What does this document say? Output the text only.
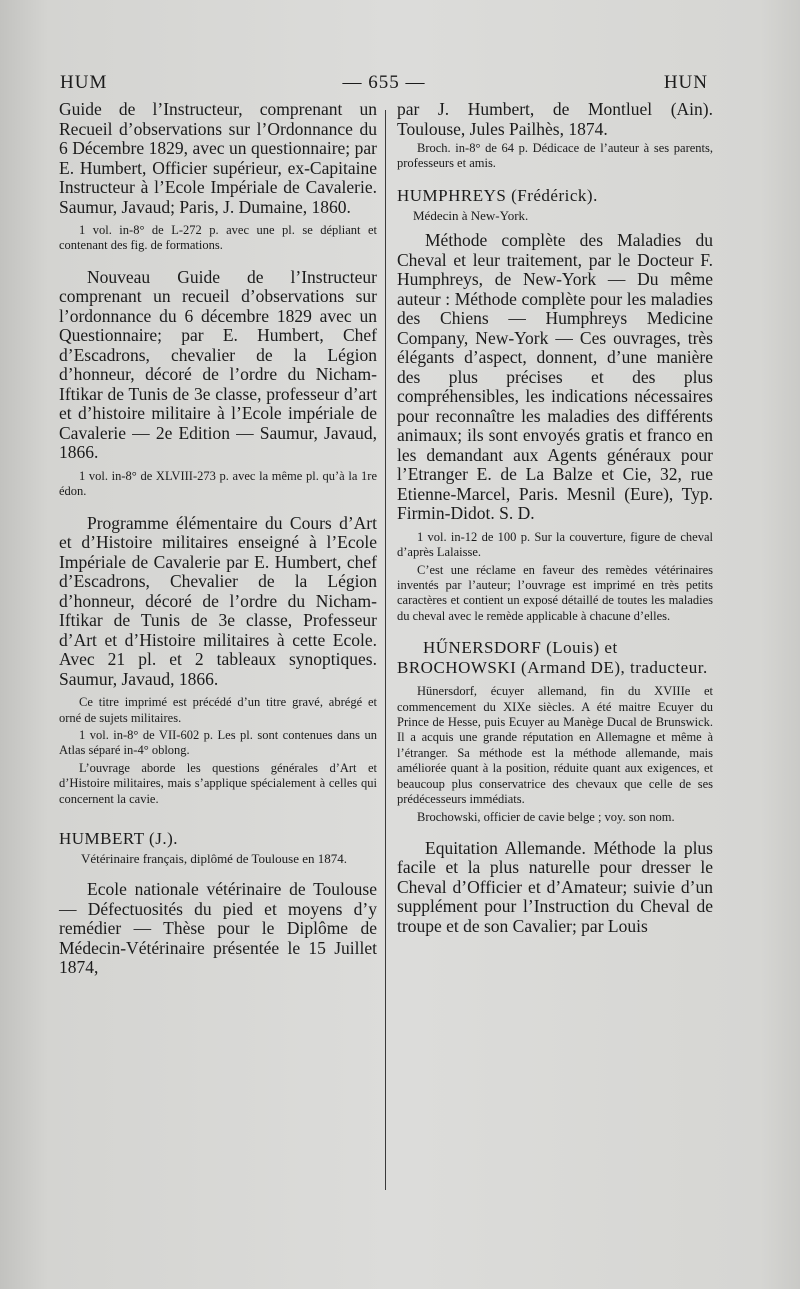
HUM	— 655 —	HUN

Guide de l’Instructeur, comprenant un Recueil d’observations sur l’Ordonnance du 6 Décembre 1829, avec un questionnaire; par E. Humbert, Officier supérieur, ex-Capitaine Instructeur à l’Ecole Impériale de Cavalerie. Saumur, Javaud; Paris, J. Dumaine, 1860.

1 vol. in-8° de L-272 p. avec une pl. se dépliant et contenant des fig. de formations.

Nouveau Guide de l’Instructeur comprenant un recueil d’observations sur l’ordonnance du 6 décembre 1829 avec un Questionnaire; par E. Humbert, Chef d’Escadrons, chevalier de la Légion d’honneur, décoré de l’ordre du Nicham-Iftikar de Tunis de 3e classe, professeur d’art et d’histoire militaire à l’Ecole impériale de Cavalerie — 2e Edition — Saumur, Javaud, 1866.

1 vol. in-8° de XLVIII-273 p. avec la même pl. qu’à la 1re édon.

Programme élémentaire du Cours d’Art et d’Histoire militaires enseigné à l’Ecole Impériale de Cavalerie par E. Humbert, chef d’Escadrons, Chevalier de la Légion d’honneur, décoré de l’ordre du Nicham-Iftikar de Tunis de 3e classe, Professeur d’Art et d’Histoire militaires à cette Ecole. Avec 21 pl. et 2 tableaux synoptiques. Saumur, Javaud, 1866.

Ce titre imprimé est précédé d’un titre gravé, abrégé et orné de sujets militaires.

1 vol. in-8° de VII-602 p. Les pl. sont contenues dans un Atlas séparé in-4° oblong.

L’ouvrage aborde les questions générales d’Art et d’Histoire militaires, mais s’applique spécialement à celles qui concernent la cavie.

HUMBERT (J.).

Vétérinaire français, diplômé de Toulouse en 1874.

Ecole nationale vétérinaire de Toulouse — Défectuosités du pied et moyens d’y remédier — Thèse pour le Diplôme de Médecin-Vétérinaire présentée le 15 Juillet 1874,

par J. Humbert, de Montluel (Ain). Toulouse, Jules Pailhès, 1874.

Broch. in-8° de 64 p. Dédicace de l’auteur à ses parents, professeurs et amis.

HUMPHREYS (Frédérick).

Médecin à New-York.

Méthode complète des Maladies du Cheval et leur traitement, par le Docteur F. Humphreys, de New-York — Du même auteur : Méthode complète pour les maladies des Chiens — Humphreys Medicine Company, New-York — Ces ouvrages, très élégants d’aspect, donnent, d’une manière des plus précises et des plus compréhensibles, les indications nécessaires pour reconnaître les maladies des différents animaux; ils sont envoyés gratis et franco en les demandant aux Agents généraux pour l’Etranger E. de La Balze et Cie, 32, rue Etienne-Marcel, Paris. Mesnil (Eure), Typ. Firmin-Didot. S. D.

1 vol. in-12 de 100 p. Sur la couverture, figure de cheval d’après Lalaisse.

C’est une réclame en faveur des remèdes vétérinaires inventés par l’auteur; l’ouvrage est imprimé en très petits caractères et contient un exposé détaillé de toutes les maladies du cheval avec le remède applicable à chacune d’elles.

HŰNERSDORF (Louis) et BROCHOWSKI (Armand DE), traducteur.

Hünersdorf, écuyer allemand, fin du XVIIIe et commencement du XIXe siècles. A été maitre Ecuyer du Prince de Hesse, puis Ecuyer au Manège Ducal de Brunswick. Il a acquis une grande réputation en Allemagne et même à l’étranger. Sa méthode est la méthode allemande, mais améliorée quant à la position, réduite quant aux exigences, et beaucoup plus conservatrice des chevaux que celle de ses prédécesseurs immédiats.

Brochowski, officier de cavie belge ; voy. son nom.

Equitation Allemande. Méthode la plus facile et la plus naturelle pour dresser le Cheval d’Officier et d’Amateur; suivie d’un supplément pour l’Instruction du Cheval de troupe et de son Cavalier; par Louis
